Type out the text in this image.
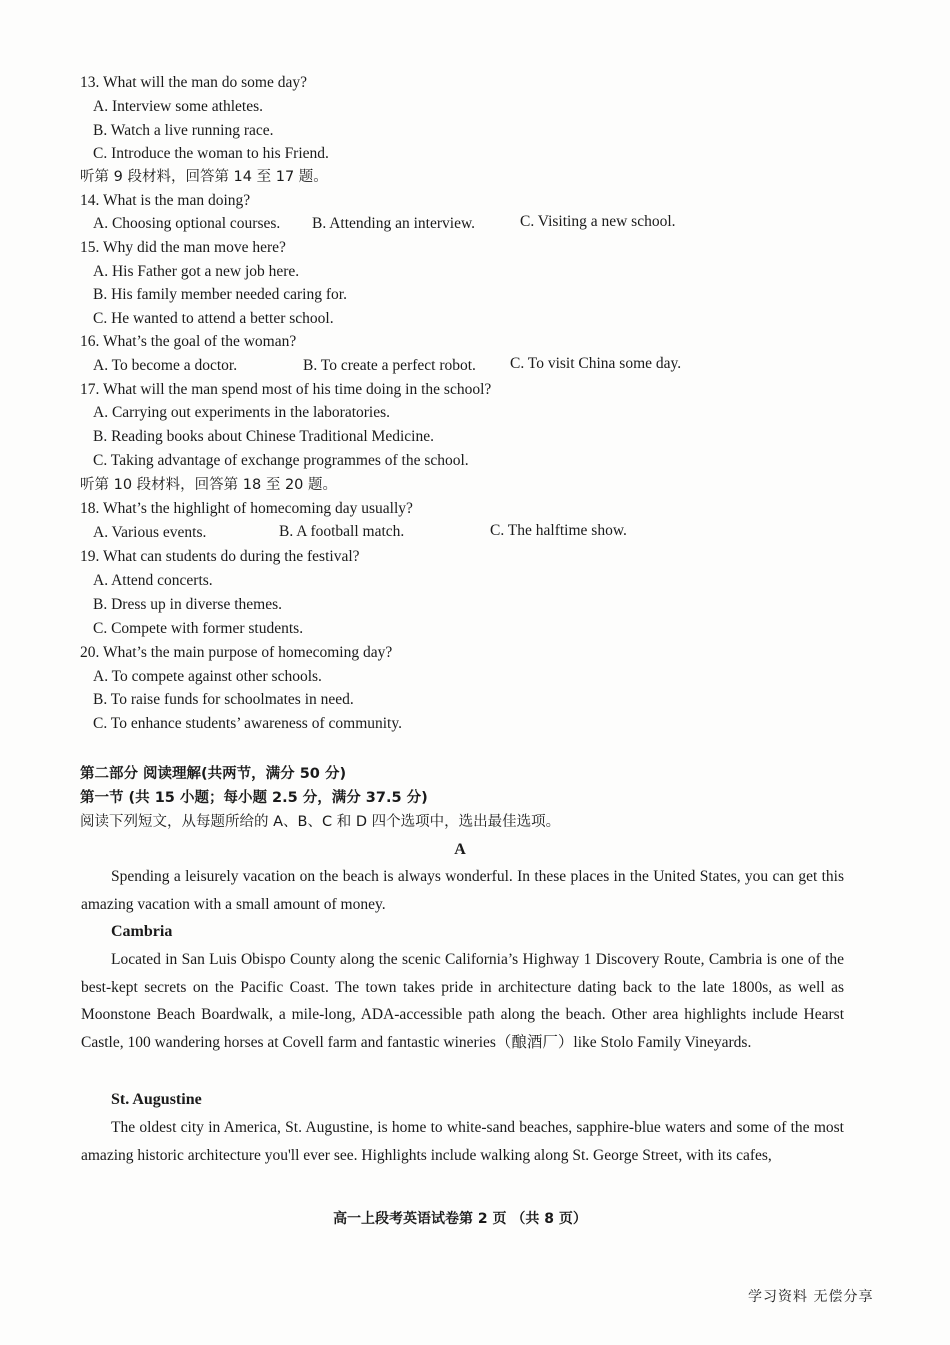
13. What will the man do some day?
A. Interview some athletes.
B. Watch a live running race.
C. Introduce the woman to his Friend.
听第 9 段材料，回答第 14 至 17 题。
14. What is the man doing?
A. Choosing optional courses. B. Attending an interview.	C. Visiting a new school.
15. Why did the man move here?
A. His Father got a new job here.
B. His family member needed caring for.
C. He wanted to attend a better school.
16. What’s the goal of the woman?
A. To become a doctor.	B. To create a perfect robot. C. To visit China some day.
17. What will the man spend most of his time doing in the school?
A. Carrying out experiments in the laboratories.
B. Reading books about Chinese Traditional Medicine.
C. Taking advantage of exchange programmes of the school.
听第 10 段材料，回答第 18 至 20 题。
18. What’s the highlight of homecoming day usually?
A. Various events.	B. A football match.	C. The halftime show.
19. What can students do during the festival?
A. Attend concerts.
B. Dress up in diverse themes.
C. Compete with former students.
20. What’s the main purpose of homecoming day?
A. To compete against other schools.
B. To raise funds for schoolmates in need.
C. To enhance students’ awareness of community.
第二部分 阅读理解(共两节，满分 50 分)
第一节 (共 15 小题；每小题 2.5 分，满分 37.5 分)
阅读下列短文，从每题所给的 A、B、C 和 D 四个选项中，选出最佳选项。
A
Spending a leisurely vacation on the beach is always wonderful. In these places in the United States, you can get this amazing vacation with a small amount of money.
Cambria
Located in San Luis Obispo County along the scenic California’s Highway 1 Discovery Route, Cambria is one of the best-kept secrets on the Pacific Coast. The town takes pride in architecture dating back to the late 1800s, as well as Moonstone Beach Boardwalk, a mile-long, ADA-accessible path along the beach. Other area highlights include Hearst Castle, 100 wandering horses at Covell farm and fantastic wineries（酿酒厂）like Stolo Family Vineyards.
St. Augustine
The oldest city in America, St. Augustine, is home to white-sand beaches, sapphire-blue waters and some of the most amazing historic architecture you'll ever see. Highlights include walking along St. George Street, with its cafes,
高一上段考英语试卷第 2 页 （共 8 页）
学习资料 无偿分享
